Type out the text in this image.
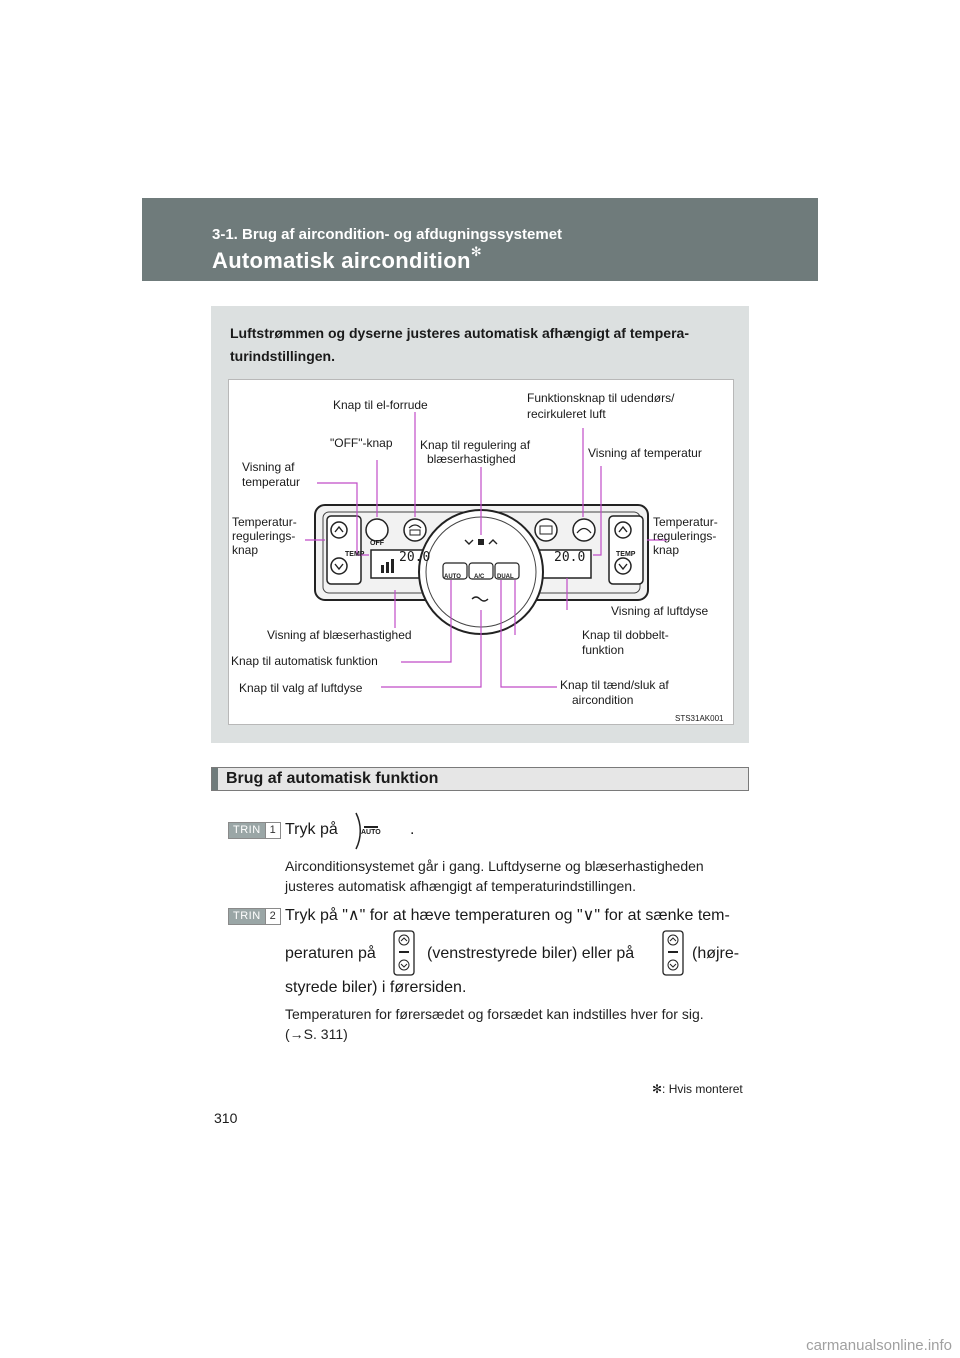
3-1. Brug af aircondition- og afdugningssystemet
Automatisk aircondition✻
Luftstrømmen og dyserne justeres automatisk afhængigt af tempera-turindstillingen.
TEMP	TEMP
OFF
20.0	20.0
AUTO A/C DUAL
Knap til el-forrude	Funktionsknap til udendørs/
recirkuleret luft
"OFF"-knap Knap til regulering af
blæserhastighed	Visning af temperatur
Visning af
temperatur
Temperatur-
regulerings-
knap
Temperatur-
regulerings-
knap
Visning af luftdyse
Visning af blæserhastighed	Knap til dobbelt-
funktion
Knap til automatisk funktion
Knap til valg af luftdyse	Knap til tænd/sluk af
aircondition
STS31AK001
Brug af automatisk funktion
TRIN 1 Tryk på	AUTO .
Airconditionsystemet går i gang. Luftdyserne og blæserhastigheden
justeres automatisk afhængigt af temperaturindstillingen.
TRIN 2 Tryk på "∧" for at hæve temperaturen og "∨" for at sænke tem-
peraturen på	(venstrestyrede biler) eller på	(højre-
styrede biler) i førersiden.
Temperaturen for førersædet og forsædet kan indstilles hver for sig.
(→S. 311)
✻: Hvis monteret
310
carmanualsonline.info
